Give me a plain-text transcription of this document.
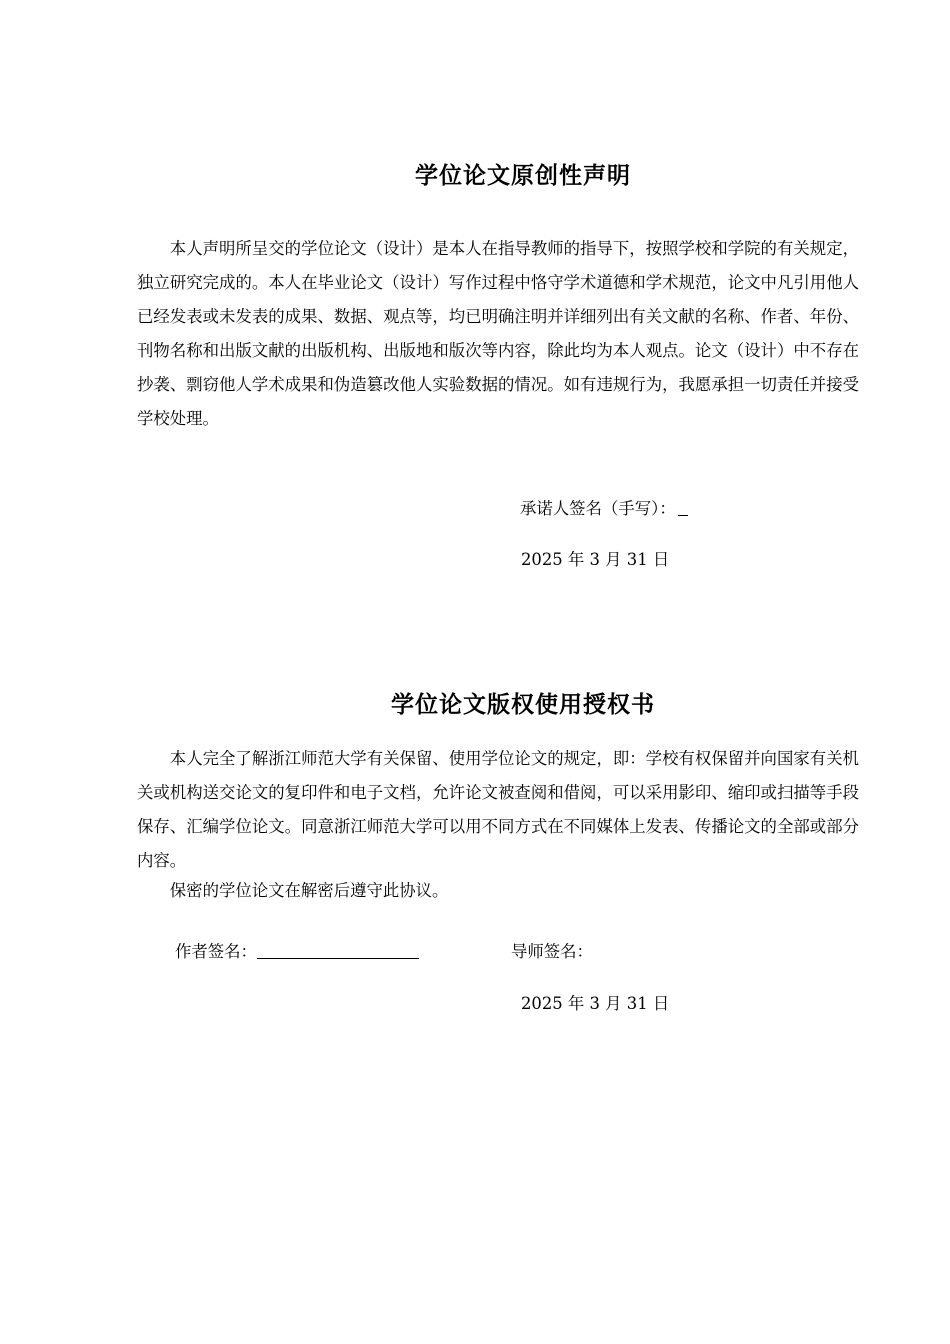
学位论文原创性声明

本人声明所呈交的学位论文（设计）是本人在指导教师的指导下，按照学校和学院的有关规定，独立研究完成的。本人在毕业论文（设计）写作过程中恪守学术道德和学术规范，论文中凡引用他人已经发表或未发表的成果、数据、观点等，均已明确注明并详细列出有关文献的名称、作者、年份、刊物名称和出版文献的出版机构、出版地和版次等内容，除此均为本人观点。论文（设计）中不存在抄袭、剽窃他人学术成果和伪造篡改他人实验数据的情况。如有违规行为，我愿承担一切责任并接受学校处理。

承诺人签名（手写）：
2025 年 3 月 31 日
学位论文版权使用授权书

本人完全了解浙江师范大学有关保留、使用学位论文的规定，即：学校有权保留并向国家有关机关或机构送交论文的复印件和电子文档，允许论文被查阅和借阅，可以采用影印、缩印或扫描等手段保存、汇编学位论文。同意浙江师范大学可以用不同方式在不同媒体上发表、传播论文的全部或部分内容。

保密的学位论文在解密后遵守此协议。

作者签名：	导师签名：
2025 年 3 月 31 日
